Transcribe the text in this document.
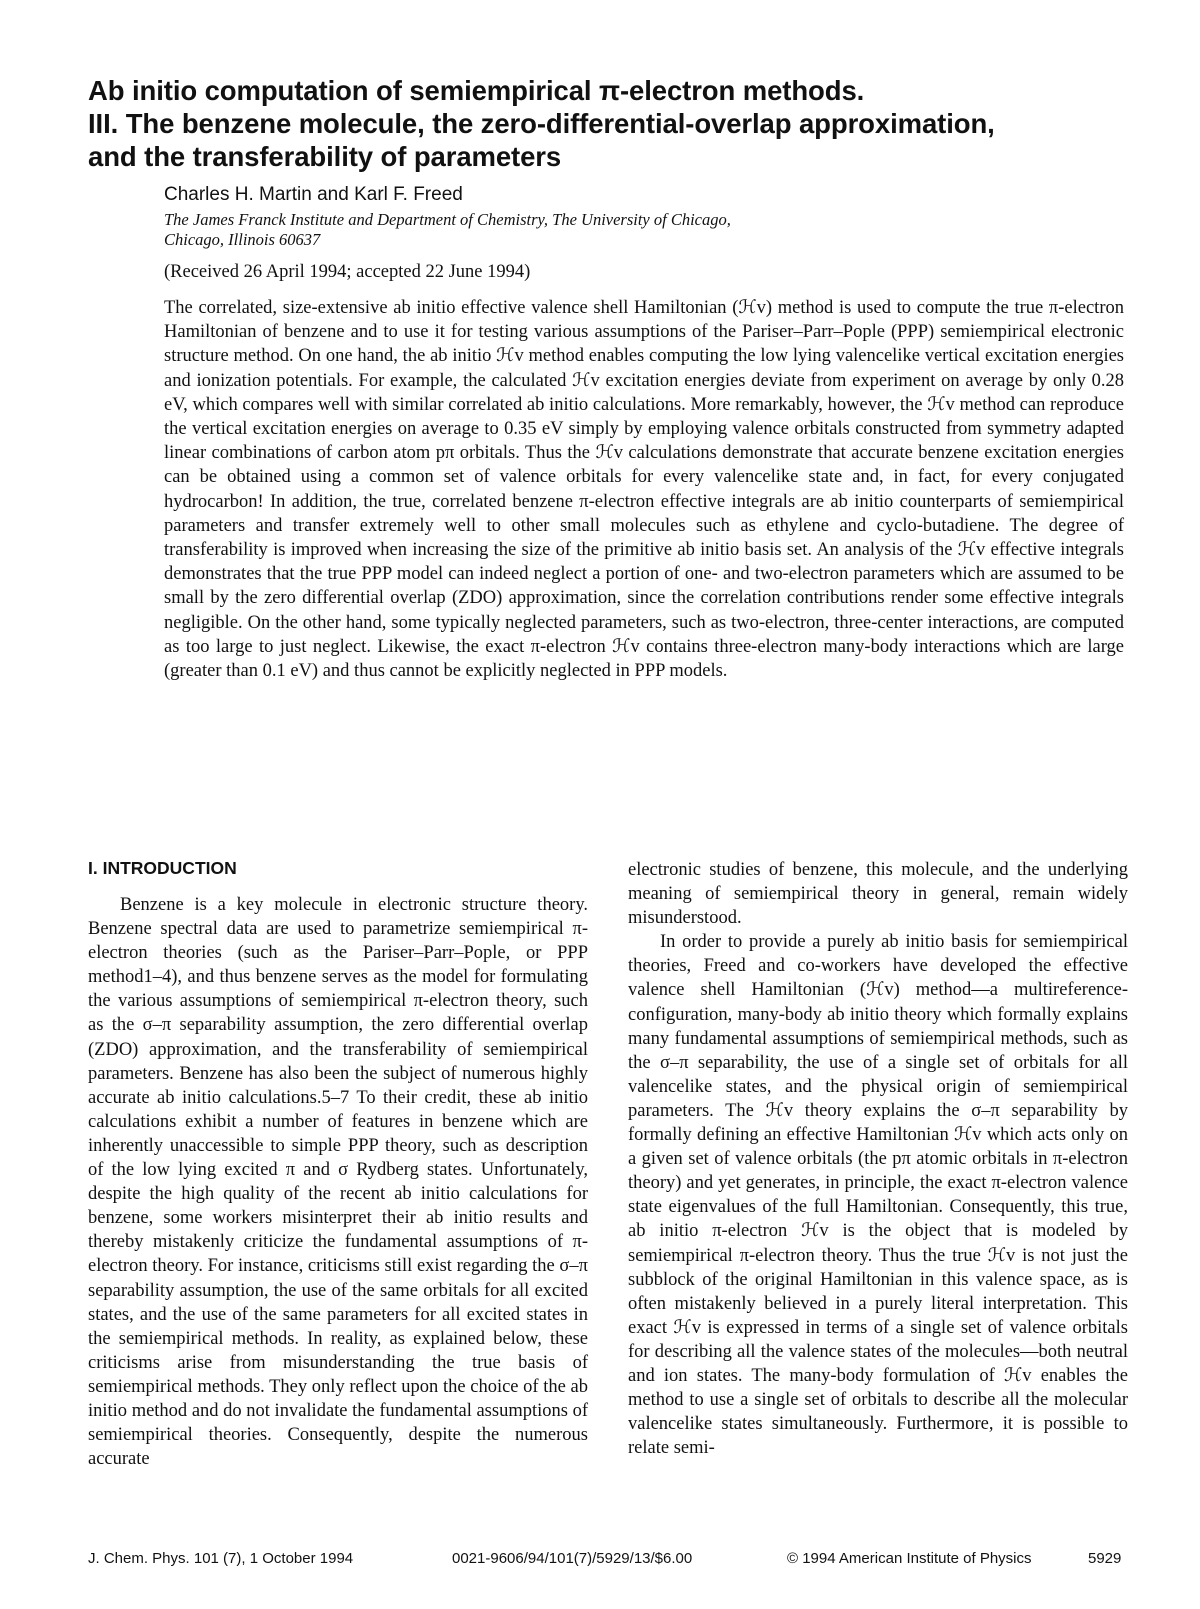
Ab initio computation of semiempirical π-electron methods.
III. The benzene molecule, the zero-differential-overlap approximation,
and the transferability of parameters
Charles H. Martin and Karl F. Freed
The James Franck Institute and Department of Chemistry, The University of Chicago,
Chicago, Illinois 60637
(Received 26 April 1994; accepted 22 June 1994)

The correlated, size-extensive ab initio effective valence shell Hamiltonian (ℋv) method is used to compute the true π-electron Hamiltonian of benzene and to use it for testing various assumptions of the Pariser–Parr–Pople (PPP) semiempirical electronic structure method. On one hand, the ab initio ℋv method enables computing the low lying valencelike vertical excitation energies and ionization potentials. For example, the calculated ℋv excitation energies deviate from experiment on average by only 0.28 eV, which compares well with similar correlated ab initio calculations. More remarkably, however, the ℋv method can reproduce the vertical excitation energies on average to 0.35 eV simply by employing valence orbitals constructed from symmetry adapted linear combinations of carbon atom pπ orbitals. Thus the ℋv calculations demonstrate that accurate benzene excitation energies can be obtained using a common set of valence orbitals for every valencelike state and, in fact, for every conjugated hydrocarbon! In addition, the true, correlated benzene π-electron effective integrals are ab initio counterparts of semiempirical parameters and transfer extremely well to other small molecules such as ethylene and cyclo-butadiene. The degree of transferability is improved when increasing the size of the primitive ab initio basis set. An analysis of the ℋv effective integrals demonstrates that the true PPP model can indeed neglect a portion of one- and two-electron parameters which are assumed to be small by the zero differential overlap (ZDO) approximation, since the correlation contributions render some effective integrals negligible. On the other hand, some typically neglected parameters, such as two-electron, three-center interactions, are computed as too large to just neglect. Likewise, the exact π-electron ℋv contains three-electron many-body interactions which are large (greater than 0.1 eV) and thus cannot be explicitly neglected in PPP models.

I. INTRODUCTION

Benzene is a key molecule in electronic structure theory. Benzene spectral data are used to parametrize semiempirical π-electron theories (such as the Pariser–Parr–Pople, or PPP method1–4), and thus benzene serves as the model for formulating the various assumptions of semiempirical π-electron theory, such as the σ–π separability assumption, the zero differential overlap (ZDO) approximation, and the transferability of semiempirical parameters. Benzene has also been the subject of numerous highly accurate ab initio calculations.5–7 To their credit, these ab initio calculations exhibit a number of features in benzene which are inherently unaccessible to simple PPP theory, such as description of the low lying excited π and σ Rydberg states. Unfortunately, despite the high quality of the recent ab initio calculations for benzene, some workers misinterpret their ab initio results and thereby mistakenly criticize the fundamental assumptions of π-electron theory. For instance, criticisms still exist regarding the σ–π separability assumption, the use of the same orbitals for all excited states, and the use of the same parameters for all excited states in the semiempirical methods. In reality, as explained below, these criticisms arise from misunderstanding the true basis of semiempirical methods. They only reflect upon the choice of the ab initio method and do not invalidate the fundamental assumptions of semiempirical theories. Consequently, despite the numerous accurate

electronic studies of benzene, this molecule, and the underlying meaning of semiempirical theory in general, remain widely misunderstood.

In order to provide a purely ab initio basis for semiempirical theories, Freed and co-workers have developed the effective valence shell Hamiltonian (ℋv) method—a multireference-configuration, many-body ab initio theory which formally explains many fundamental assumptions of semiempirical methods, such as the σ–π separability, the use of a single set of orbitals for all valencelike states, and the physical origin of semiempirical parameters. The ℋv theory explains the σ–π separability by formally defining an effective Hamiltonian ℋv which acts only on a given set of valence orbitals (the pπ atomic orbitals in π-electron theory) and yet generates, in principle, the exact π-electron valence state eigenvalues of the full Hamiltonian. Consequently, this true, ab initio π-electron ℋv is the object that is modeled by semiempirical π-electron theory. Thus the true ℋv is not just the subblock of the original Hamiltonian in this valence space, as is often mistakenly believed in a purely literal interpretation. This exact ℋv is expressed in terms of a single set of valence orbitals for describing all the valence states of the molecules—both neutral and ion states. The many-body formulation of ℋv enables the method to use a single set of orbitals to describe all the molecular valencelike states simultaneously. Furthermore, it is possible to relate semi-

J. Chem. Phys. 101 (7), 1 October 1994	0021-9606/94/101(7)/5929/13/$6.00	© 1994 American Institute of Physics	5929
